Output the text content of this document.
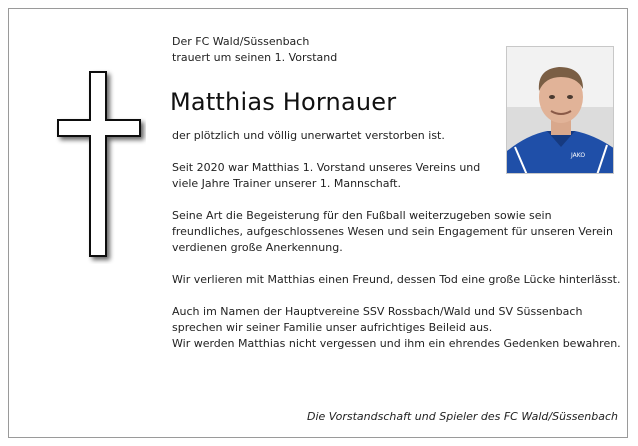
Der FC Wald/Süssenbach
trauert um seinen 1. Vorstand
Matthias Hornauer
JAKO

der plötzlich und völlig unerwartet verstorben ist.

Seit 2020 war Matthias 1. Vorstand unseres Vereins und viele Jahre Trainer unserer 1. Mannschaft.

Seine Art die Begeisterung für den Fußball weiterzugeben sowie sein freundliches, aufgeschlossenes Wesen und sein Engagement für unseren Verein verdienen große Anerkennung.

Wir verlieren mit Matthias einen Freund, dessen Tod eine große Lücke hinterlässt.

Auch im Namen der Hauptvereine SSV Rossbach/Wald und SV Süssenbach sprechen wir seiner Familie unser aufrichtiges Beileid aus.

Wir werden Matthias nicht vergessen und ihm ein ehrendes Gedenken bewahren.

Die Vorstandschaft und Spieler des FC Wald/Süssenbach
